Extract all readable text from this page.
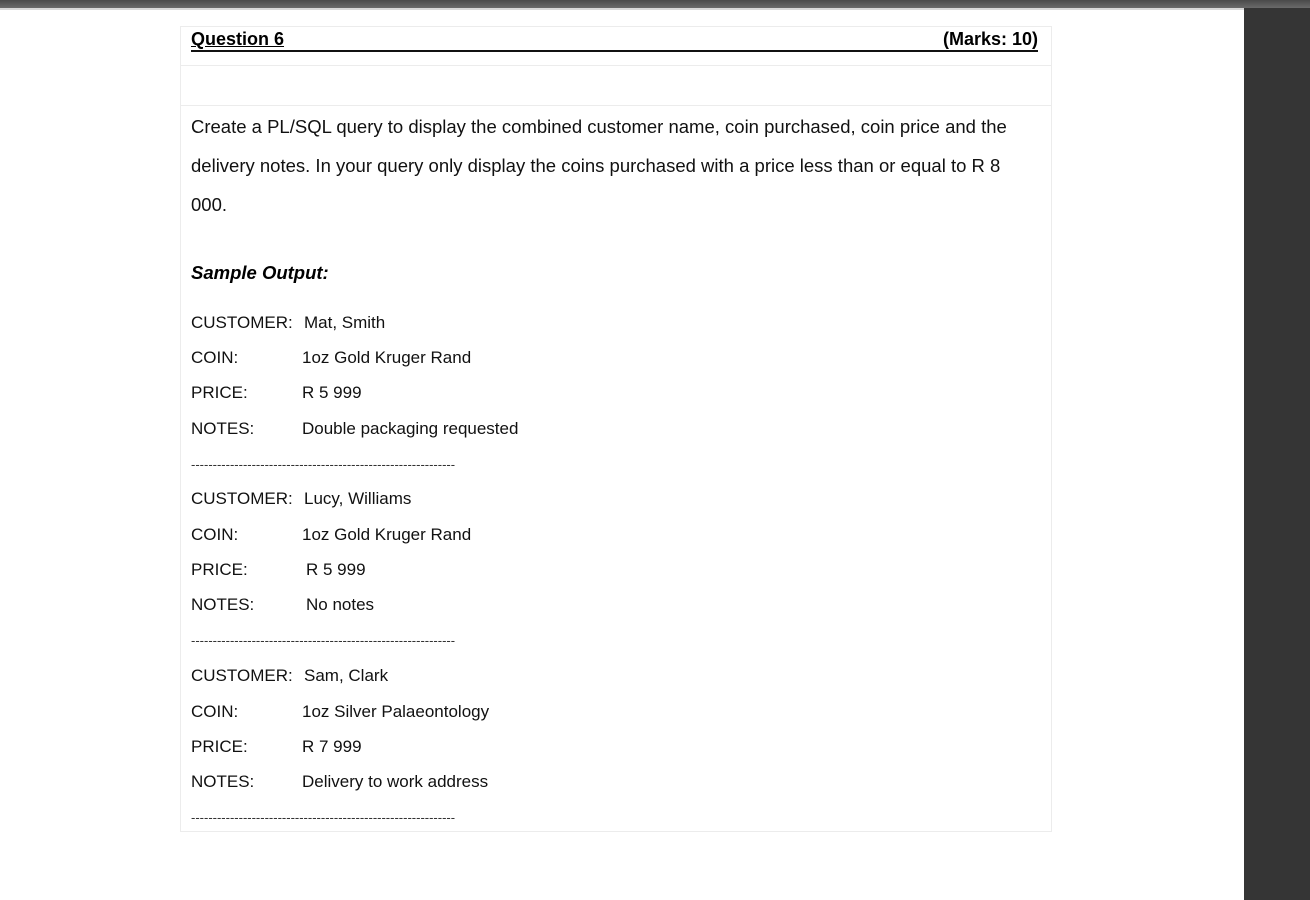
Question 6	(Marks: 10)
Create a PL/SQL query to display the combined customer name, coin purchased, coin price and the delivery notes. In your query only display the coins purchased with a price less than or equal to R 8 000.
Sample Output:
CUSTOMER: Mat, Smith
COIN:	1oz Gold Kruger Rand
PRICE:	R 5 999
NOTES:	Double packaging requested
-------------------------------------------------------------
CUSTOMER: Lucy, Williams
COIN:	1oz Gold Kruger Rand
PRICE:	R 5 999
NOTES:	No notes
-------------------------------------------------------------
CUSTOMER: Sam, Clark
COIN:	1oz Silver Palaeontology
PRICE:	R 7 999
NOTES:	Delivery to work address
-------------------------------------------------------------
